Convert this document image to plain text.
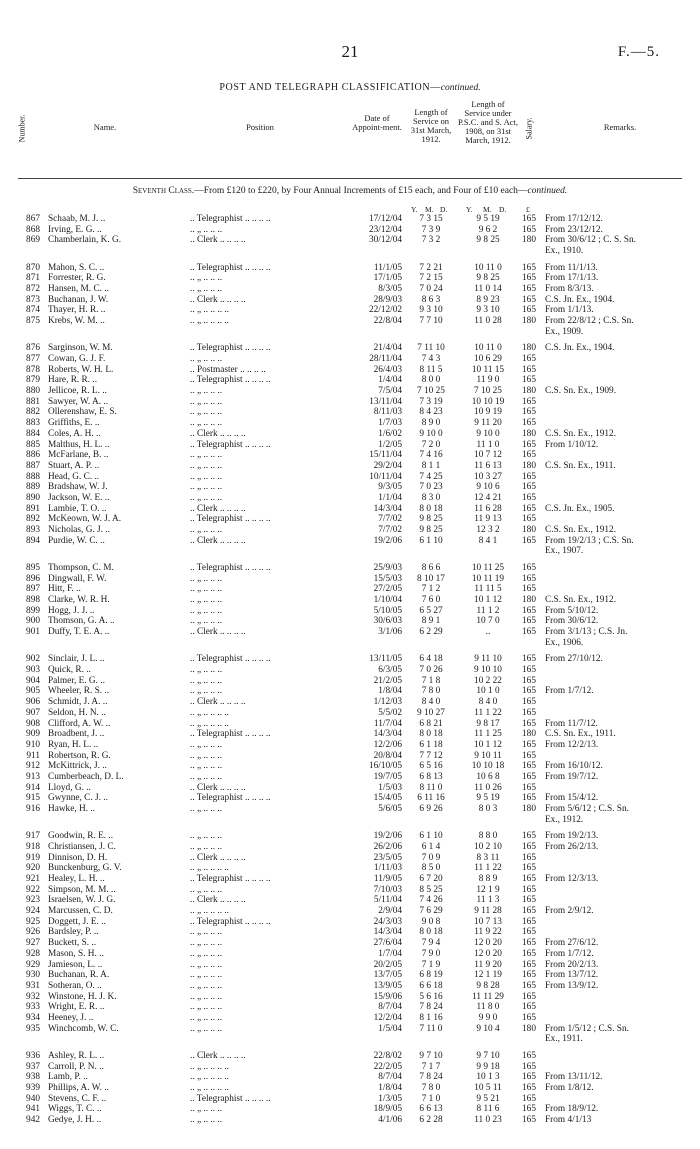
21	F.—5.
POST AND TELEGRAPH CLASSIFICATION—continued.
Number.	Name.	Position
Date of Appoint-ment.
Length of Service on 31st March, 1912.
Length of Service under P.S.C. and S. Act, 1908, on 31st March, 1912.
Salary.	Remarks.
Seventh Class.—From £120 to £220, by Four Annual Increments of £15 each, and Four of £10 each—continued.
Y. M. D. Y. M. D.	£
867 Schaab, M. J. ..	.. Telegraphist .. .. .. ..	17/12/04	7 3 15	9 5 19	165 From 17/12/12.
868 Irving, E. G. ..	.. „ .. .. ..	23/12/04	7 3 9	9 6 2	165 From 23/12/12.
869 Chamberlain, K. G.	.. Clerk .. .. .. ..	30/12/04	7 3 2	9 8 25	180 From 30/6/12 ; C. S. Sn.
Ex., 1910.
870 Mahon, S. C. ..	.. Telegraphist .. .. .. ..	11/1/05	7 2 21	10 11 0	165 From 11/1/13.
871 Forrester, R. G.	.. „ .. .. ..	17/1/05	7 2 15	9 8 25	165 From 17/1/13.
872 Hansen, M. C. ..	.. „ .. .. ..	8/3/05	7 0 24	11 0 14	165 From 8/3/13.
873 Buchanan, J. W.	.. Clerk .. .. .. ..	28/9/03	8 6 3	8 9 23	165 C.S. Jn. Ex., 1904.
874 Thayer, H. R. ..	.. „ .. .. .. ..	22/12/02	9 3 10	9 3 10	165 From 1/1/13.
875 Krebs, W. M. ..	.. „ .. .. .. ..	22/8/04	7 7 10	11 0 28	180 From 22/8/12 ; C.S. Sn.
Ex., 1909.
876 Sarginson, W. M.	.. Telegraphist .. .. .. ..	21/4/04	7 11 10	10 11 0	180 C.S. Jn. Ex., 1904.
877 Cowan, G. J. F.	.. „ .. .. ..	28/11/04	7 4 3	10 6 29	165
878 Roberts, W. H. L.	.. Postmaster .. .. .. ..	26/4/03	8 11 5	10 11 15	165
879 Hare, R. R. ..	.. Telegraphist .. .. .. ..	1/4/04	8 0 0	11 9 0	165
880 Jellicoe, R. L. ..	.. „ .. .. ..	7/5/04	7 10 25	7 10 25	180 C.S. Sn. Ex., 1909.
881 Sawyer, W. A. ..	.. „ .. .. ..	13/11/04	7 3 19	10 10 19	165
882 Ollerenshaw, E. S.	.. „ .. .. ..	8/11/03	8 4 23	10 9 19	165
883 Griffiths, E. ..	.. „ .. .. ..	1/7/03	8 9 0	9 11 20	165
884 Coles, A. H. ..	.. Clerk .. .. .. ..	1/6/02	9 10 0	9 10 0	180 C.S. Sn. Ex., 1912.
885 Malthus, H. L. ..	.. Telegraphist .. .. .. ..	1/2/05	7 2 0	11 1 0	165 From 1/10/12.
886 McFarlane, B. ..	.. „ .. .. ..	15/11/04	7 4 16	10 7 12	165
887 Stuart, A. P. ..	.. „ .. .. ..	29/2/04	8 1 1	11 6 13	180 C.S. Sn. Ex., 1911.
888 Head, G. C. ..	.. „ .. .. ..	10/11/04	7 4 25	10 3 27	165
889 Bradshaw, W. J.	.. „ .. .. ..	9/3/05	7 0 23	9 10 6	165
890 Jackson, W. E. ..	.. „ .. .. ..	1/1/04	8 3 0	12 4 21	165
891 Lambie, T. O. ..	.. Clerk .. .. .. ..	14/3/04	8 0 18	11 6 28	165 C.S. Jn. Ex., 1905.
892 McKeown, W. J. A.	.. Telegraphist .. .. .. ..	7/7/02	9 8 25	11 9 13	165
893 Nicholas, G. J. ..	.. „ .. .. ..	7/7/02	9 8 25	12 3 2	180 C.S. Sn. Ex., 1912.
894 Purdie, W. C. ..	.. Clerk .. .. .. ..	19/2/06	6 1 10	8 4 1	165 From 19/2/13 ; C.S. Sn.
Ex., 1907.
895 Thompson, C. M.	.. Telegraphist .. .. .. ..	25/9/03	8 6 6	10 11 25	165
896 Dingwall, F. W.	.. „ .. .. ..	15/5/03	8 10 17	10 11 19	165
897 Hitt, F. ..	.. „ .. .. ..	27/2/05	7 1 2	11 11 5	165
898 Clarke, W. R. H.	.. „ .. .. ..	1/10/04	7 6 0	10 1 12	180 C.S. Sn. Ex., 1912.
899 Hogg, J. J. ..	.. „ .. .. ..	5/10/05	6 5 27	11 1 2	165 From 5/10/12.
900 Thomson, G. A. ..	.. „ .. .. ..	30/6/03	8 9 1	10 7 0	165 From 30/6/12.
901 Duffy, T. E. A. ..	.. Clerk .. .. .. ..	3/1/06	6 2 29	..	165 From 3/1/13 ; C.S. Jn.
Ex., 1906.
902 Sinclair, J. L. ..	.. Telegraphist .. .. .. ..	13/11/05	6 4 18	9 11 10	165 From 27/10/12.
903 Quick, R. ..	.. „ .. .. ..	6/3/05	7 0 26	9 10 10	165
904 Palmer, E. G. ..	.. „ .. .. ..	21/2/05	7 1 8	10 2 22	165
905 Wheeler, R. S. ..	.. „ .. .. ..	1/8/04	7 8 0	10 1 0	165 From 1/7/12.
906 Schmidt, J. A. ..	.. Clerk .. .. .. ..	1/12/03	8 4 0	8 4 0	165
907 Seldon, H. N. ..	.. „ .. .. .. ..	5/5/02	9 10 27	11 1 22	165
908 Clifford, A. W. ..	.. „ .. .. .. ..	11/7/04	6 8 21	9 8 17	165 From 11/7/12.
909 Broadbent, J. ..	.. Telegraphist .. .. .. ..	14/3/04	8 0 18	11 1 25	180 C.S. Sn. Ex., 1911.
910 Ryan, H. L. ..	.. „ .. .. ..	12/2/06	6 1 18	10 1 12	165 From 12/2/13.
911 Robertson, R. G.	.. „ .. .. ..	20/8/04	7 7 12	9 10 11	165
912 McKittrick, J. ..	.. „ .. .. ..	16/10/05	6 5 16	10 10 18	165 From 16/10/12.
913 Cumberbeach, D. L.	.. „ .. .. ..	19/7/05	6 8 13	10 6 8	165 From 19/7/12.
914 Lloyd, G. ..	.. Clerk .. .. .. ..	1/5/03	8 11 0	11 0 26	165
915 Gwynne, C. J. ..	.. Telegraphist .. .. .. ..	15/4/05	6 11 16	9 5 19	165 From 15/4/12.
916 Hawke, H. ..	.. „ .. .. ..	5/6/05	6 9 26	8 0 3	180 From 5/6/12 ; C.S. Sn.
Ex., 1912.
917 Goodwin, R. E. ..	.. „ .. .. ..	19/2/06	6 1 10	8 8 0	165 From 19/2/13.
918 Christiansen, J. C.	.. „ .. .. ..	26/2/06	6 1 4	10 2 10	165 From 26/2/13.
919 Dinnison, D. H.	.. Clerk .. .. .. ..	23/5/05	7 0 9	8 3 11	165
920 Bunckenburg, G. V.	.. „ .. .. .. ..	1/11/03	8 5 0	11 1 22	165
921 Healey, L. H. ..	.. Telegraphist .. .. .. ..	11/9/05	6 7 20	8 8 9	165 From 12/3/13.
922 Simpson, M. M. ..	.. „ .. .. ..	7/10/03	8 5 25	12 1 9	165
923 Israelsen, W. J. G.	.. Clerk .. .. .. ..	5/11/04	7 4 26	11 1 3	165
924 Marcussen, C. D.	.. „ .. .. .. ..	2/9/04	7 6 29	9 11 28	165 From 2/9/12.
925 Doggett, J. E. ..	.. Telegraphist .. .. .. ..	24/3/03	9 0 8	10 7 13	165
926 Bardsley, P. ..	.. „ .. .. ..	14/3/04	8 0 18	11 9 22	165
927 Buckett, S. ..	.. „ .. .. ..	27/6/04	7 9 4	12 0 20	165 From 27/6/12.
928 Mason, S. H. ..	.. „ .. .. ..	1/7/04	7 9 0	12 0 20	165 From 1/7/12.
929 Jamieson, L. ..	.. „ .. .. ..	20/2/05	7 1 9	11 9 20	165 From 20/2/13.
930 Buchanan, R. A.	.. „ .. .. ..	13/7/05	6 8 19	12 1 19	165 From 13/7/12.
931 Sotheran, O. ..	.. „ .. .. ..	13/9/05	6 6 18	9 8 28	165 From 13/9/12.
932 Winstone, H. J. K.	.. „ .. .. ..	15/9/06	5 6 16	11 11 29	165
933 Wright, E. R. ..	.. „ .. .. ..	8/7/04	7 8 24	11 8 0	165
934 Heeney, J. ..	.. „ .. .. ..	12/2/04	8 1 16	9 9 0	165
935 Winchcomb, W. C.	.. „ .. .. ..	1/5/04	7 11 0	9 10 4	180 From 1/5/12 ; C.S. Sn.
Ex., 1911.
936 Ashley, R. L. ..	.. Clerk .. .. .. ..	22/8/02	9 7 10	9 7 10	165
937 Carroll, P. N. ..	.. „ .. .. .. ..	22/2/05	7 1 7	9 9 18	165
938 Lamb, P. ..	.. „ .. .. .. ..	8/7/04	7 8 24	10 1 3	165 From 13/11/12.
939 Phillips, A. W. ..	.. „ .. .. .. ..	1/8/04	7 8 0	10 5 11	165 From 1/8/12.
940 Stevens, C. F. ..	.. Telegraphist .. .. .. ..	1/3/05	7 1 0	9 5 21	165
941 Wiggs, T. C. ..	.. „ .. .. ..	18/9/05	6 6 13	8 11 6	165 From 18/9/12.
942 Gedye, J. H. ..	.. „ .. .. ..	4/1/06	6 2 28	11 0 23	165 From 4/1/13
